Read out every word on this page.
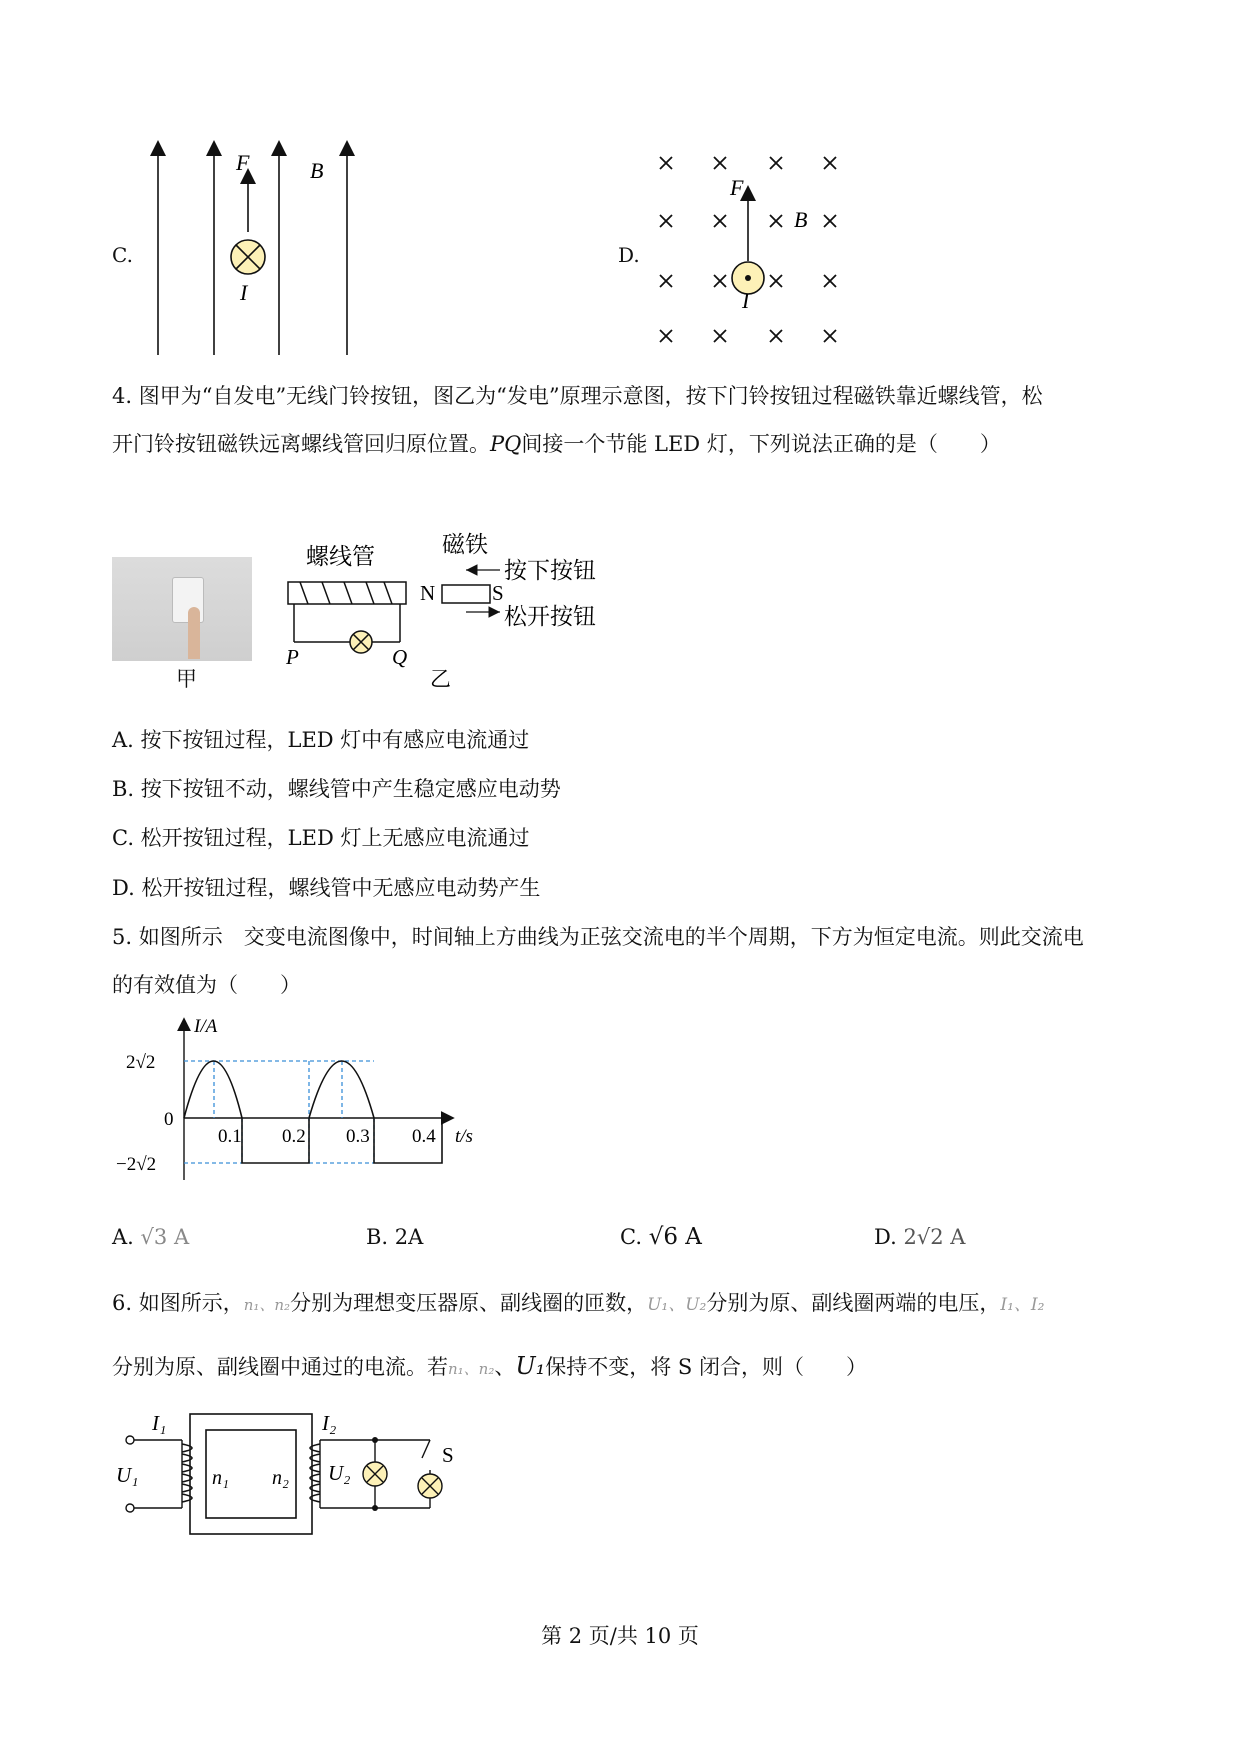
C.
F	B
I
D.
F
B
I
4. 图甲为“自发电”无线门铃按钮，图乙为“发电”原理示意图，按下门铃按钮过程磁铁靠近螺线管，松
开门铃按钮磁铁远离螺线管回归原位置。PQ间接一个节能 LED 灯，下列说法正确的是（　　）
甲
螺线管	磁铁
N	S
按下按钮
松开按钮
P	Q
乙
A. 按下按钮过程，LED 灯中有感应电流通过
B. 按下按钮不动，螺线管中产生稳定感应电动势
C. 松开按钮过程，LED 灯上无感应电流通过
D. 松开按钮过程，螺线管中无感应电动势产生
5. 如图所示　交变电流图像中，时间轴上方曲线为正弦交流电的半个周期，下方为恒定电流。则此交流电
的有效值为（　　）
I/A
t/s
2√2
0
−2√2
0.1 0.2 0.3 0.4
A. √3 A	B. 2A	C. √6 A	D. 2√2 A
6. 如图所示，n₁、n₂分别为理想变压器原、副线圈的匝数，U₁、U₂分别为原、副线圈两端的电压，I₁、I₂
分别为原、副线圈中通过的电流。若n₁、n₂、U₁保持不变，将 S 闭合，则（　　）
I₁	I₂
U₁	U₂
n₁ n₂
S
第 2 页/共 10 页
